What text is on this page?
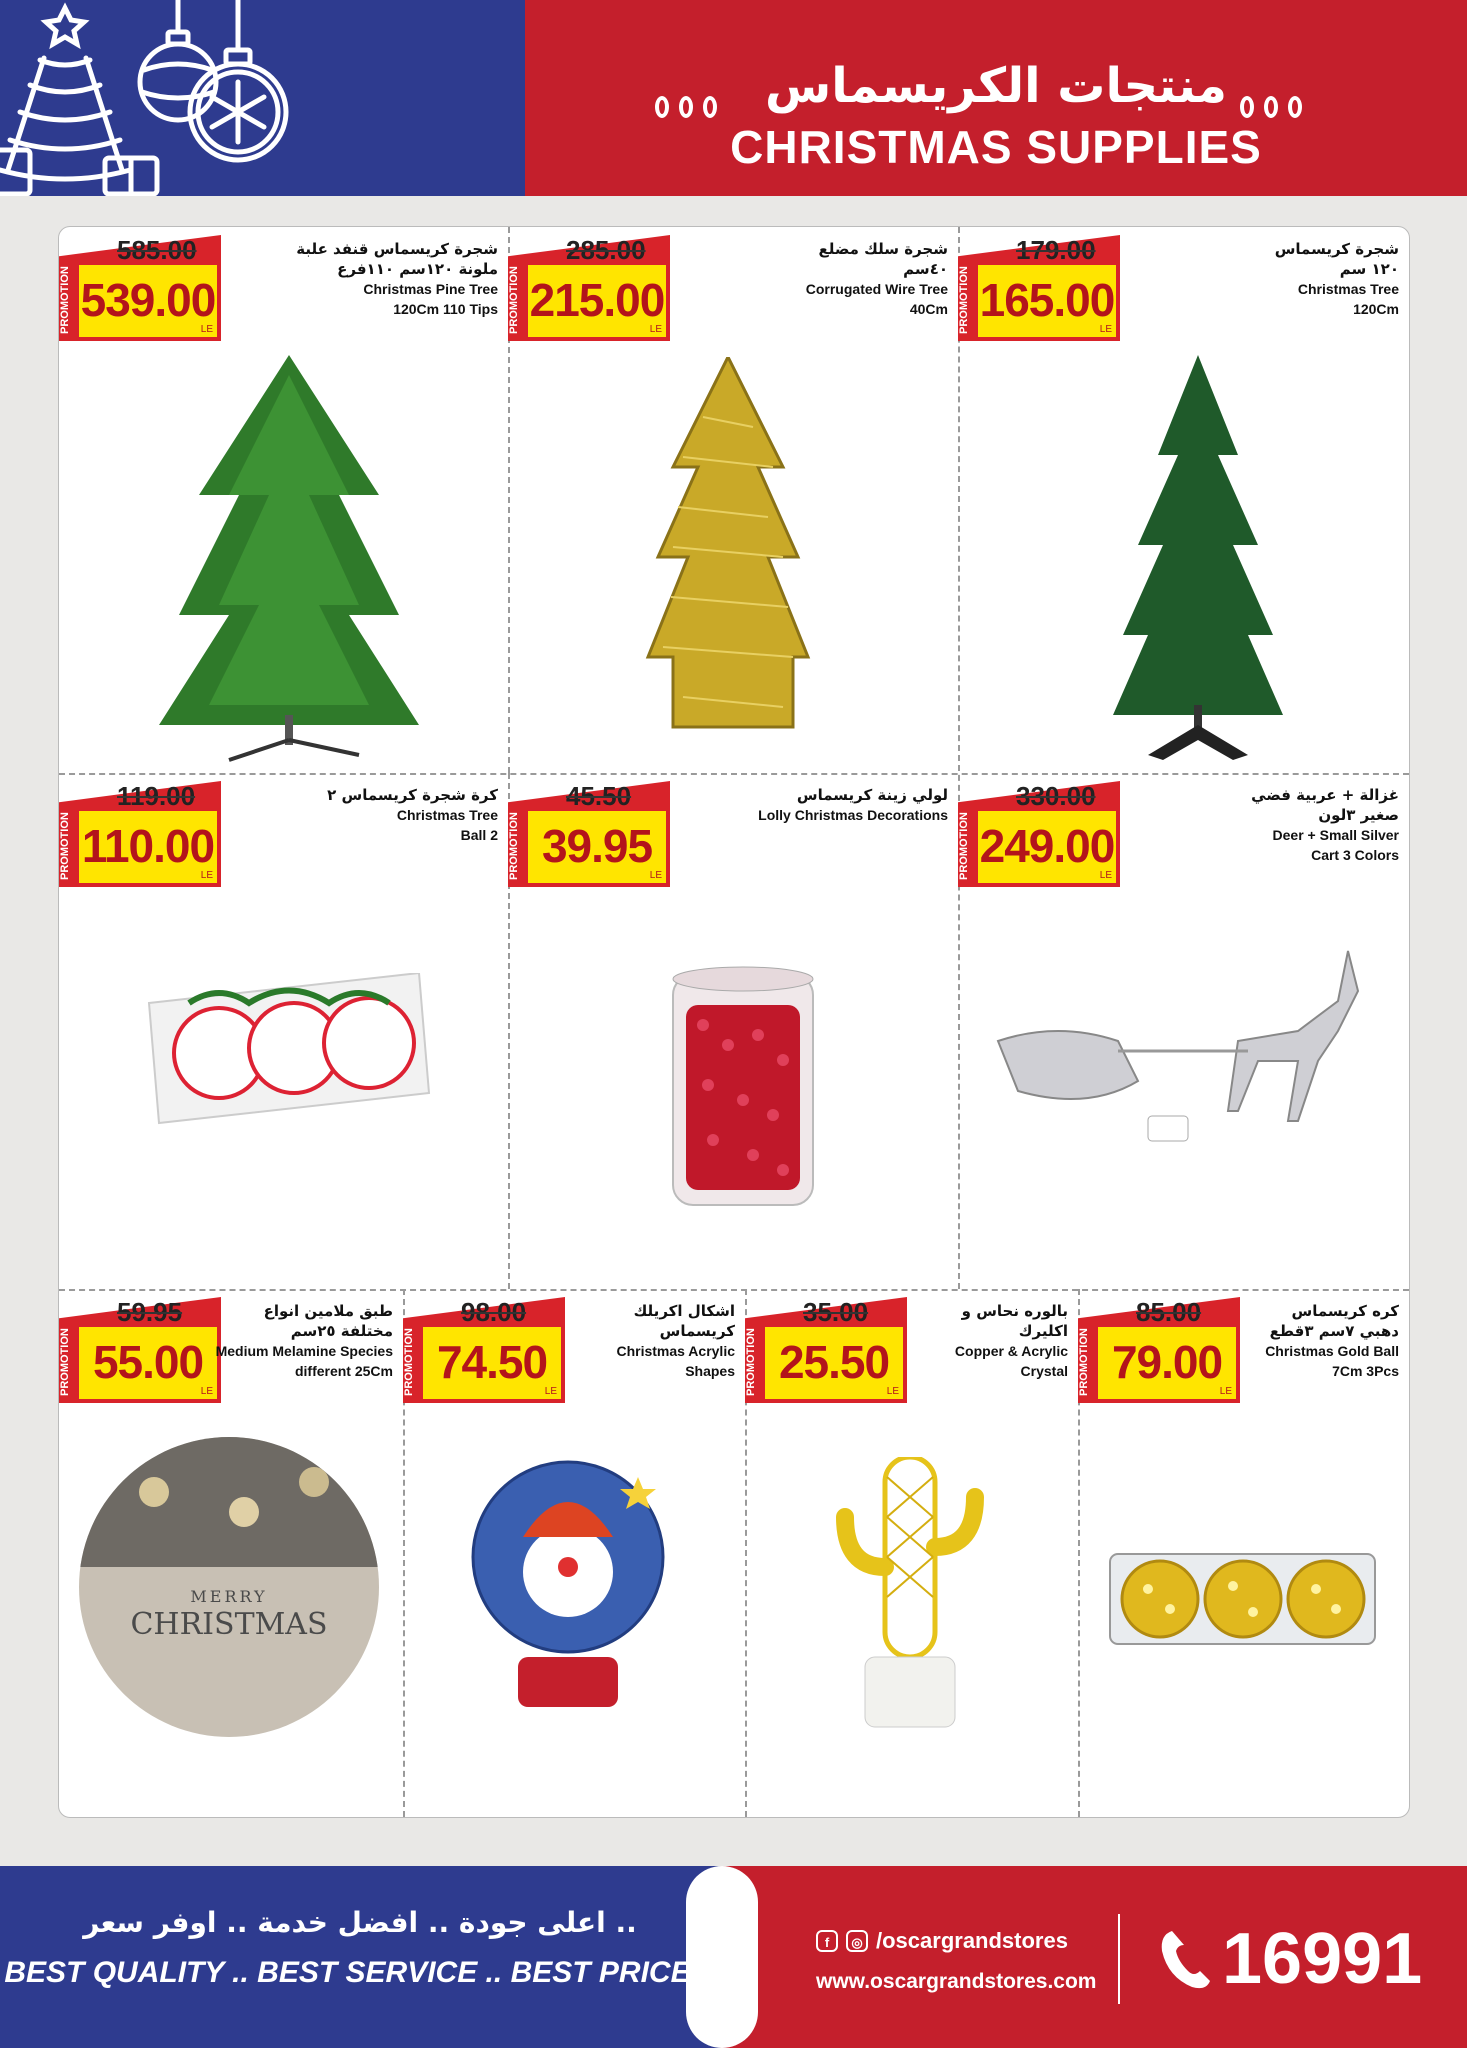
منتجات الكريسماس
CHRISTMAS SUPPLIES
585.00
PROMOTION 539.00
LE
شجرة كريسماس قنفد علبة
ملونة ١٢٠سم ١١٠فرع
Christmas Pine Tree
120Cm 110 Tips
285.00
PROMOTION 215.00
LE
شجرة سلك مضلع
٤٠سم
Corrugated Wire Tree
40Cm
179.00
PROMOTION 165.00
LE
شجرة كريسماس
١٢٠ سم
Christmas Tree
120Cm
119.00
PROMOTION 110.00
LE
كرة شجرة كريسماس ٢
Christmas Tree
Ball 2
45.50
PROMOTION 39.95
LE
لولي زينة كريسماس
Lolly Christmas Decorations
330.00
PROMOTION 249.00
LE
غزالة + عربية فضي
صغير ٣لون
Deer + Small Silver
Cart 3 Colors
59.95
PROMOTION 55.00
LE
طبق ملامين انواع
مختلفة ٢٥سم
Medium Melamine Species
different 25Cm
MERRY
CHRISTMAS
98.00
PROMOTION 74.50
LE
اشكال اكريلك
كريسماس
Christmas Acrylic
Shapes
35.00
PROMOTION 25.50
LE
بالوره نحاس و
اكليرك
Copper & Acrylic
Crystal
85.00
PROMOTION 79.00
LE
كره كريسماس
دهبي ٧سم ٣قطع
Christmas Gold Ball
7Cm 3Pcs
اعلى جودة .. افضل خدمة .. اوفر سعر ..
BEST QUALITY .. BEST SERVICE .. BEST PRICE ..
f	◎ /oscargrandstores
www.oscargrandstores.com 16991
